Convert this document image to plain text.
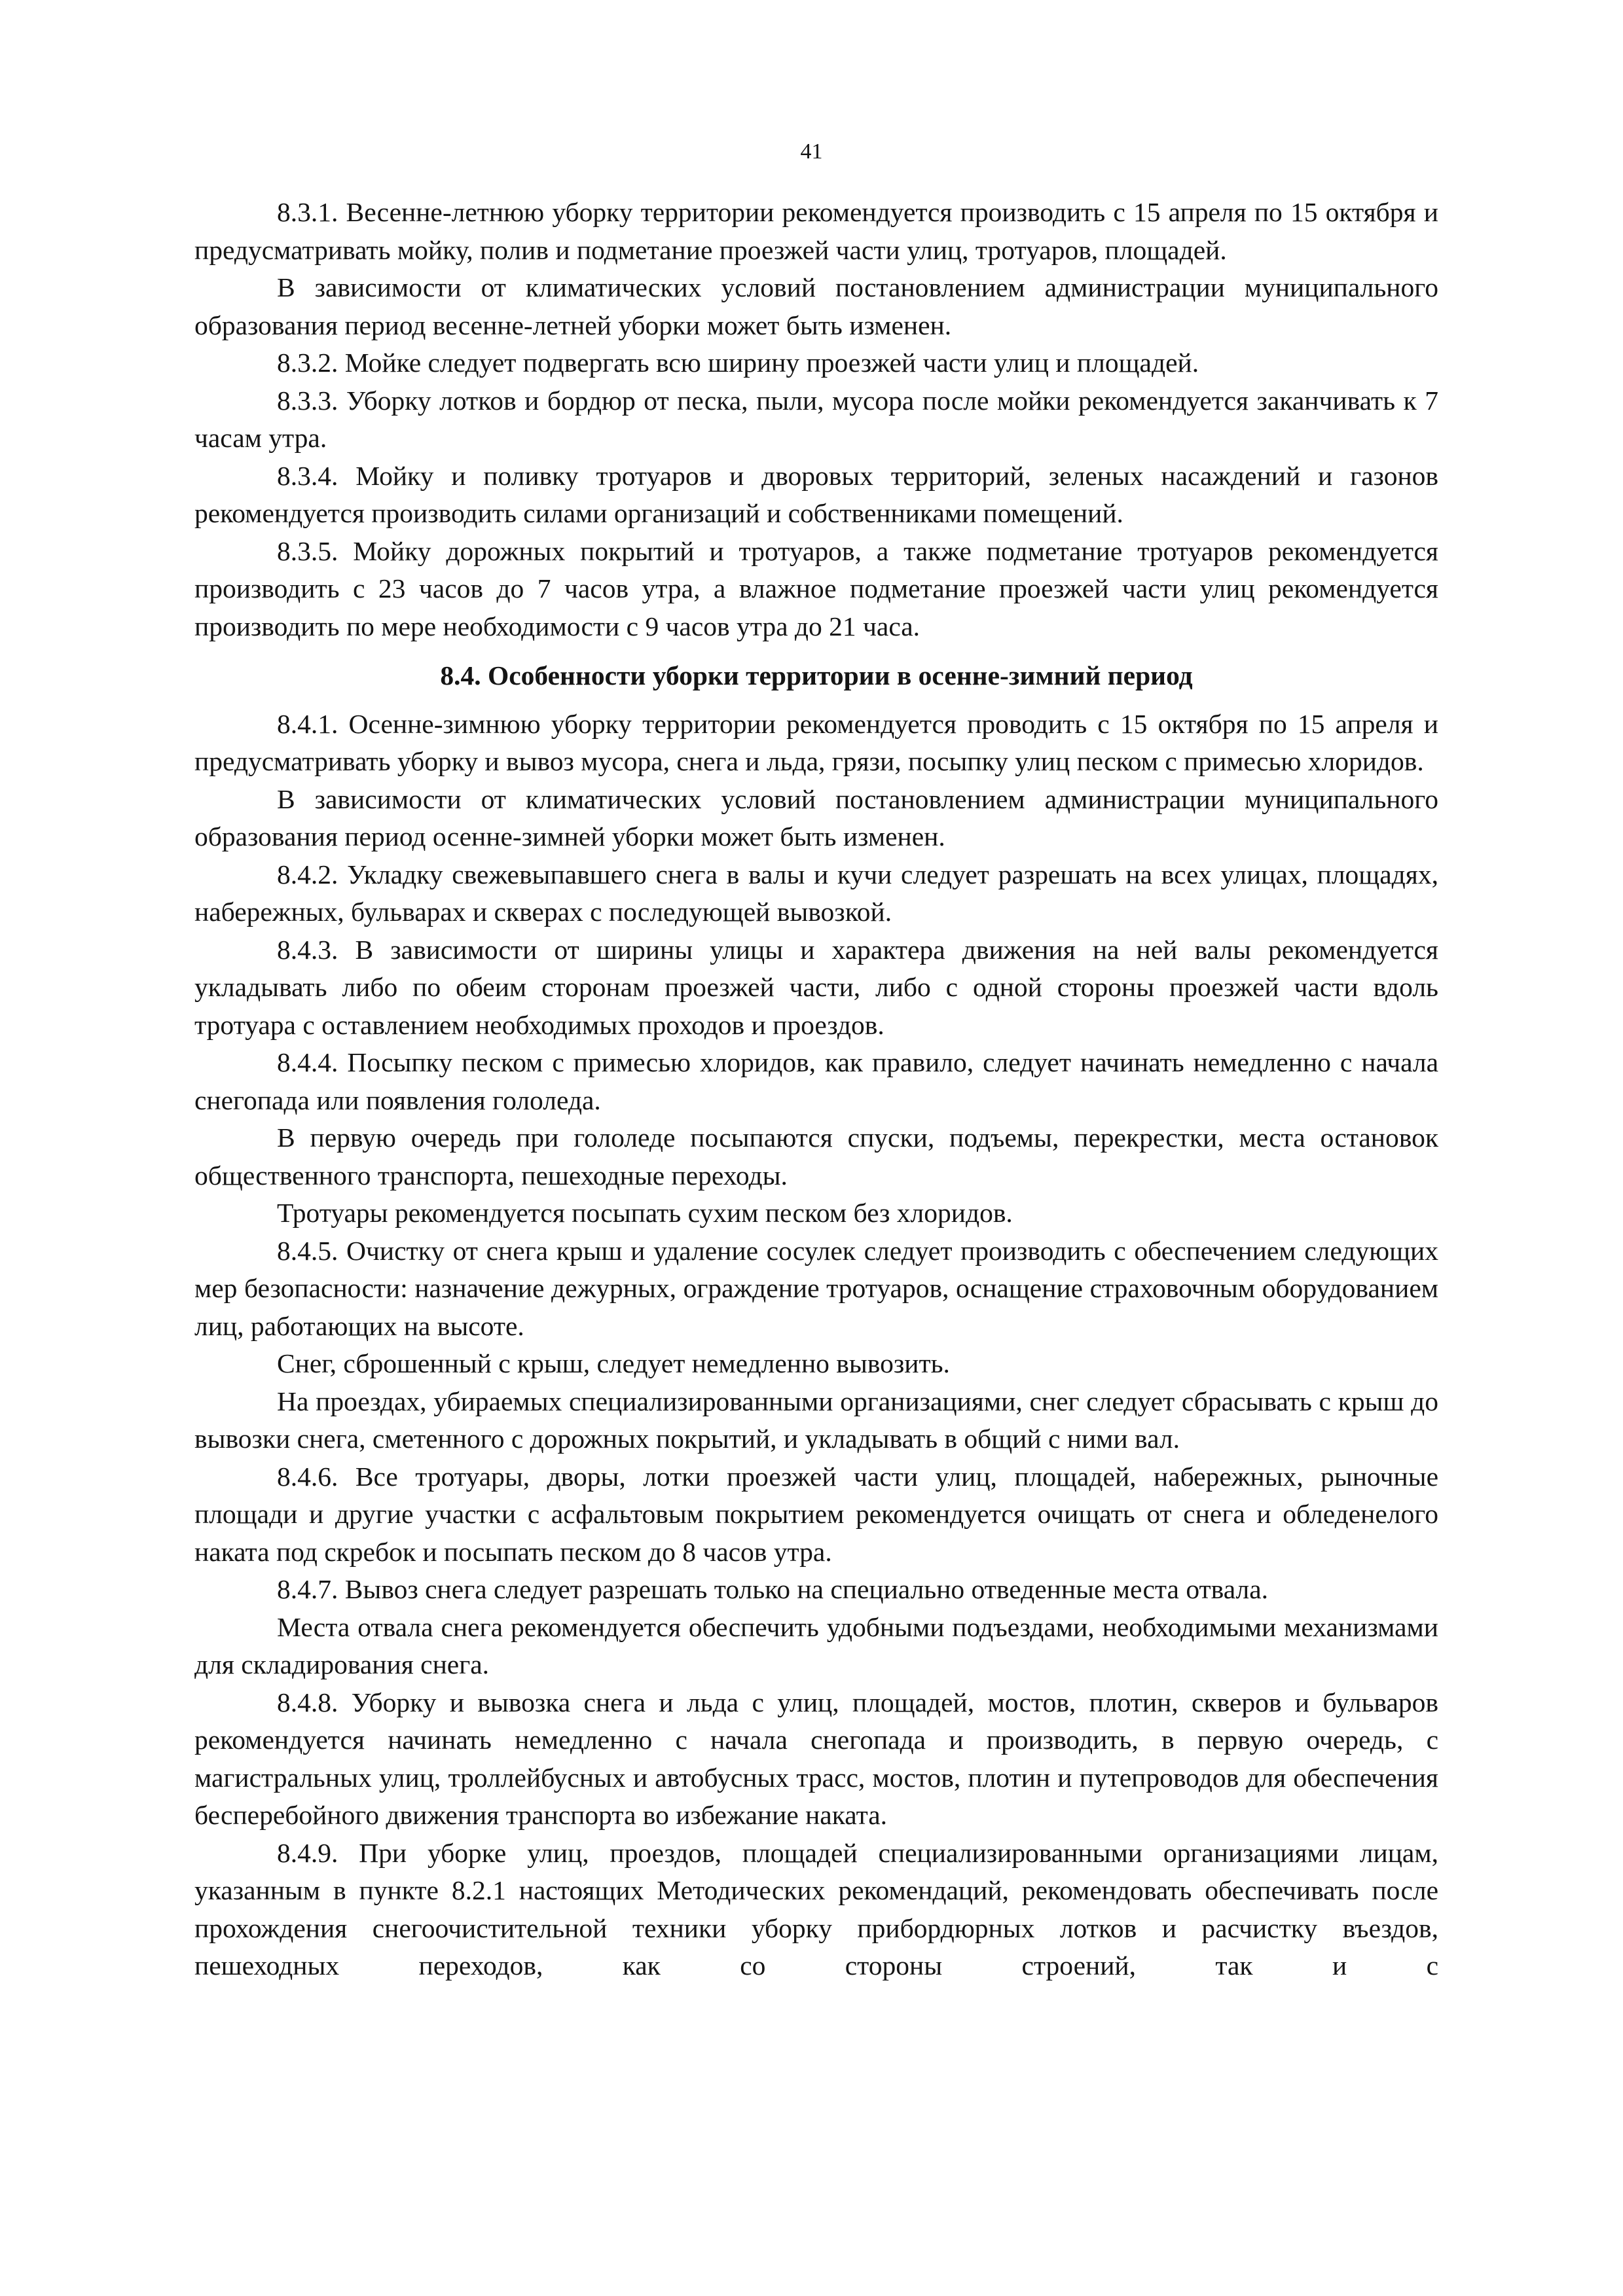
41

8.3.1. Весенне-летнюю уборку территории рекомендуется производить с 15 апреля по 15 октября и предусматривать мойку, полив и подметание проезжей части улиц, тротуаров, площадей.

В зависимости от климатических условий постановлением администрации муниципального образования период весенне-летней уборки может быть изменен.

8.3.2. Мойке следует подвергать всю ширину проезжей части улиц и площадей.

8.3.3. Уборку лотков и бордюр от песка, пыли, мусора после мойки рекомендуется заканчивать к 7 часам утра.

8.3.4. Мойку и поливку тротуаров и дворовых территорий, зеленых насаждений и газонов рекомендуется производить силами организаций и собственниками помещений.

8.3.5. Мойку дорожных покрытий и тротуаров, а также подметание тротуаров рекомендуется производить с 23 часов до 7 часов утра, а влажное подметание проезжей части улиц рекомендуется производить по мере необходимости с 9 часов утра до 21 часа.

8.4. Особенности уборки территории в осенне-зимний период

8.4.1. Осенне-зимнюю уборку территории рекомендуется проводить с 15 октября по 15 апреля и предусматривать уборку и вывоз мусора, снега и льда, грязи, посыпку улиц песком с примесью хлоридов.

В зависимости от климатических условий постановлением администрации муниципального образования период осенне-зимней уборки может быть изменен.

8.4.2. Укладку свежевыпавшего снега в валы и кучи следует разрешать на всех улицах, площадях, набережных, бульварах и скверах с последующей вывозкой.

8.4.3. В зависимости от ширины улицы и характера движения на ней валы рекомендуется укладывать либо по обеим сторонам проезжей части, либо с одной стороны проезжей части вдоль тротуара с оставлением необходимых проходов и проездов.

8.4.4. Посыпку песком с примесью хлоридов, как правило, следует начинать немедленно с начала снегопада или появления гололеда.

В первую очередь при гололеде посыпаются спуски, подъемы, перекрестки, места остановок общественного транспорта, пешеходные переходы.

Тротуары рекомендуется посыпать сухим песком без хлоридов.

8.4.5. Очистку от снега крыш и удаление сосулек следует производить с обеспечением следующих мер безопасности: назначение дежурных, ограждение тротуаров, оснащение страховочным оборудованием лиц, работающих на высоте.

Снег, сброшенный с крыш, следует немедленно вывозить.

На проездах, убираемых специализированными организациями, снег следует сбрасывать с крыш до вывозки снега, сметенного с дорожных покрытий, и укладывать в общий с ними вал.

8.4.6. Все тротуары, дворы, лотки проезжей части улиц, площадей, набережных, рыночные площади и другие участки с асфальтовым покрытием рекомендуется очищать от снега и обледенелого наката под скребок и посыпать песком до 8 часов утра.

8.4.7. Вывоз снега следует разрешать только на специально отведенные места отвала.

Места отвала снега рекомендуется обеспечить удобными подъездами, необходимыми механизмами для складирования снега.

8.4.8. Уборку и вывозка снега и льда с улиц, площадей, мостов, плотин, скверов и бульваров рекомендуется начинать немедленно с начала снегопада и производить, в первую очередь, с магистральных улиц, троллейбусных и автобусных трасс, мостов, плотин и путепроводов для обеспечения бесперебойного движения транспорта во избежание наката.

8.4.9. При уборке улиц, проездов, площадей специализированными организациями лицам, указанным в пункте 8.2.1 настоящих Методических рекомендаций, рекомендовать обеспечивать после прохождения снегоочистительной техники уборку прибордюрных лотков и расчистку въездов, пешеходных переходов, как со стороны строений, так и с
